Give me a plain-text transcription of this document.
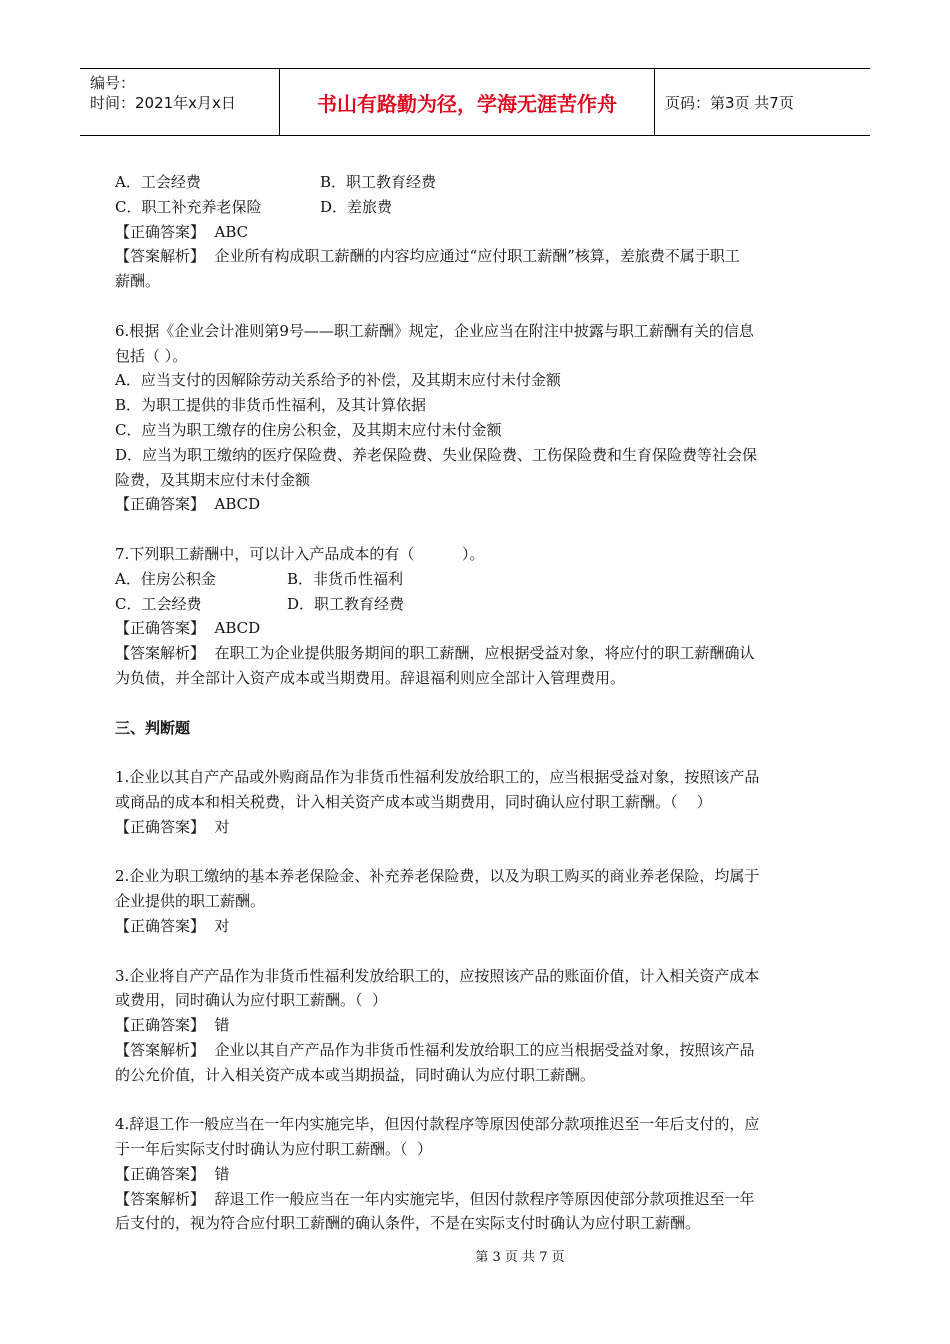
编号：
时间：2021年x月x日	书山有路勤为径，学海无涯苦作舟	页码：第3页 共7页
A．工会经费	B．职工教育经费
C．职工补充养老保险	D．差旅费
【正确答案】  ABC
【答案解析】  企业所有构成职工薪酬的内容均应通过“应付职工薪酬”核算，差旅费不属于职工
薪酬。
6.根据《企业会计准则第9号——职工薪酬》规定，企业应当在附注中披露与职工薪酬有关的信息
包括（ ）。
A．应当支付的因解除劳动关系给予的补偿，及其期末应付未付金额
B．为职工提供的非货币性福利，及其计算依据
C．应当为职工缴存的住房公积金，及其期末应付未付金额
D．应当为职工缴纳的医疗保险费、养老保险费、失业保险费、工伤保险费和生育保险费等社会保
险费，及其期末应付未付金额
【正确答案】  ABCD
7.下列职工薪酬中，可以计入产品成本的有（          ）。
A．住房公积金	B．非货币性福利
C．工会经费	D．职工教育经费
【正确答案】  ABCD
【答案解析】  在职工为企业提供服务期间的职工薪酬，应根据受益对象，将应付的职工薪酬确认
为负债，并全部计入资产成本或当期费用。辞退福利则应全部计入管理费用。
三、判断题
1.企业以其自产产品或外购商品作为非货币性福利发放给职工的，应当根据受益对象，按照该产品
或商品的成本和相关税费，计入相关资产成本或当期费用，同时确认应付职工薪酬。（    ）
【正确答案】  对
2.企业为职工缴纳的基本养老保险金、补充养老保险费，以及为职工购买的商业养老保险，均属于
企业提供的职工薪酬。
【正确答案】  对
3.企业将自产产品作为非货币性福利发放给职工的，应按照该产品的账面价值，计入相关资产成本
或费用，同时确认为应付职工薪酬。（  ）
【正确答案】  错
【答案解析】  企业以其自产产品作为非货币性福利发放给职工的应当根据受益对象，按照该产品
的公允价值，计入相关资产成本或当期损益，同时确认为应付职工薪酬。
4.辞退工作一般应当在一年内实施完毕，但因付款程序等原因使部分款项推迟至一年后支付的，应
于一年后实际支付时确认为应付职工薪酬。（  ）
【正确答案】  错
【答案解析】  辞退工作一般应当在一年内实施完毕，但因付款程序等原因使部分款项推迟至一年
后支付的，视为符合应付职工薪酬的确认条件，不是在实际支付时确认为应付职工薪酬。
第 3 页 共 7 页
